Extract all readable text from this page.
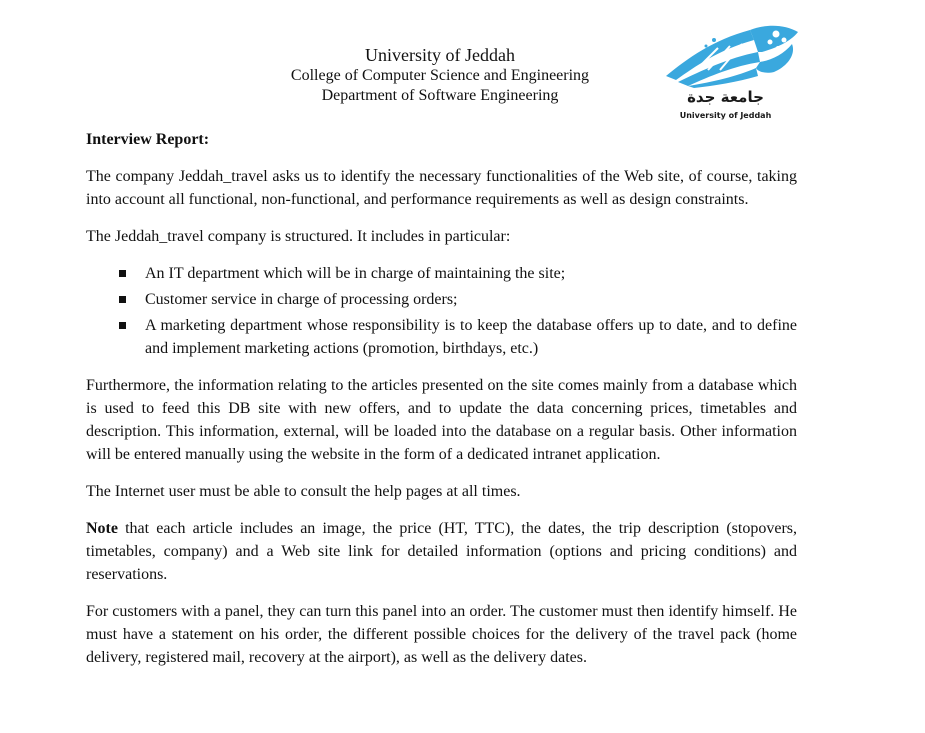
University of Jeddah
College of Computer Science and Engineering
Department of Software Engineering	جامعة جدة
University of Jeddah
Interview Report:

The company Jeddah_travel asks us to identify the necessary functionalities of the Web site, of course, taking into account all functional, non-functional, and performance requirements as well as design constraints.

The Jeddah_travel company is structured. It includes in particular:

An IT department which will be in charge of maintaining the site;
Customer service in charge of processing orders;
A marketing department whose responsibility is to keep the database offers up to date, and to define and implement marketing actions (promotion, birthdays, etc.)

Furthermore, the information relating to the articles presented on the site comes mainly from a database which is used to feed this DB site with new offers, and to update the data concerning prices, timetables and description. This information, external, will be loaded into the database on a regular basis. Other information will be entered manually using the website in the form of a dedicated intranet application.

The Internet user must be able to consult the help pages at all times.

Note that each article includes an image, the price (HT, TTC), the dates, the trip description (stopovers, timetables, company) and a Web site link for detailed information (options and pricing conditions) and reservations.

For customers with a panel, they can turn this panel into an order. The customer must then identify himself. He must have a statement on his order, the different possible choices for the delivery of the travel pack (home delivery, registered mail, recovery at the airport), as well as the delivery dates.
